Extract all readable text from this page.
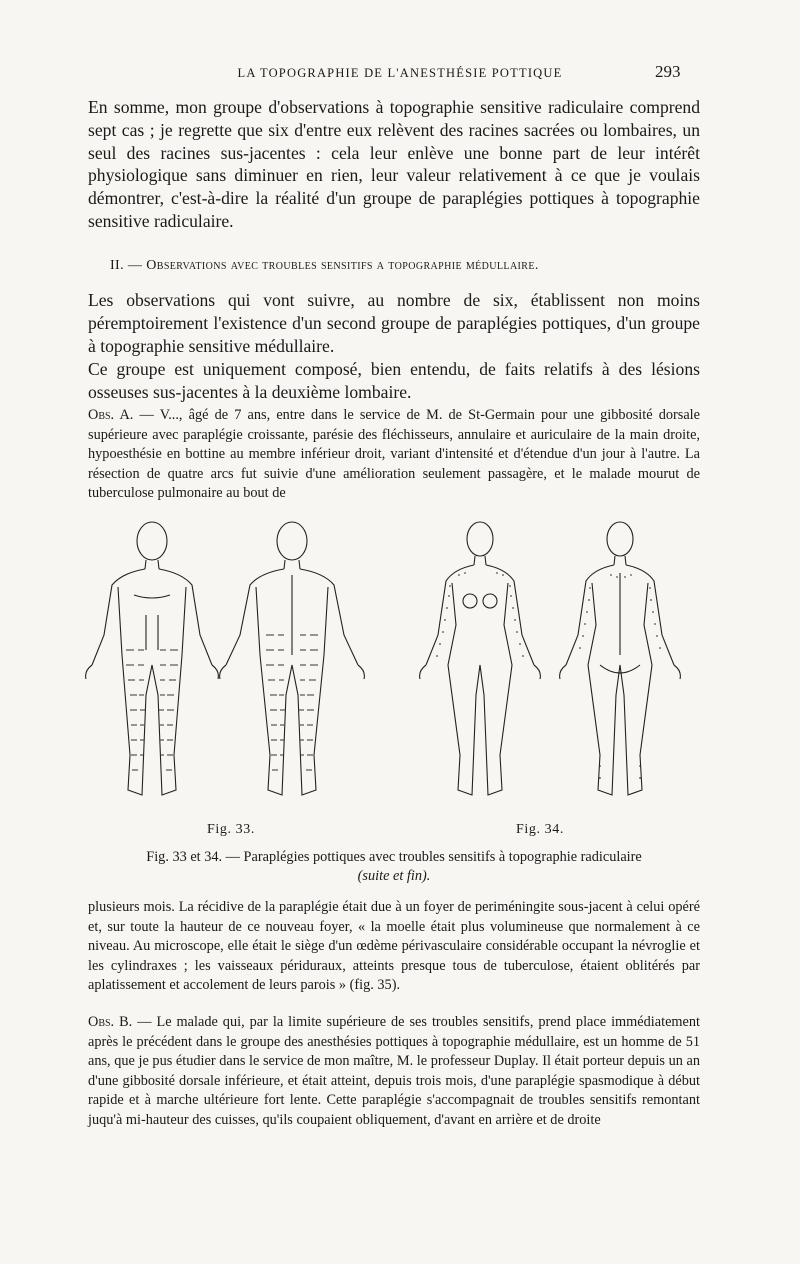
LA TOPOGRAPHIE DE L'ANESTHÉSIE POTTIQUE	293

En somme, mon groupe d'observations à topographie sensitive radiculaire comprend sept cas ; je regrette que six d'entre eux relèvent des racines sacrées ou lombaires, un seul des racines sus-jacentes : cela leur enlève une bonne part de leur intérêt physiologique sans diminuer en rien, leur valeur relativement à ce que je voulais démontrer, c'est-à-dire la réalité d'un groupe de paraplégies pottiques à topographie sensitive radiculaire.

II. — Observations avec troubles sensitifs a topographie médullaire.

Les observations qui vont suivre, au nombre de six, établissent non moins péremptoirement l'existence d'un second groupe de paraplégies pottiques, d'un groupe à topographie sensitive médullaire.

Ce groupe est uniquement composé, bien entendu, de faits relatifs à des lésions osseuses sus-jacentes à la deuxième lombaire.

Obs. A. — V..., âgé de 7 ans, entre dans le service de M. de St-Germain pour une gibbosité dorsale supérieure avec paraplégie croissante, parésie des fléchisseurs, annulaire et auriculaire de la main droite, hypoesthésie en bottine au membre inférieur droit, variant d'intensité et d'étendue d'un jour à l'autre. La résection de quatre arcs fut suivie d'une amélioration seulement passagère, et le malade mourut de tuberculose pulmonaire au bout de

Fig. 33.	Fig. 34.
Fig. 33 et 34. — Paraplégies pottiques avec troubles sensitifs à topographie radiculaire
(suite et fin).

plusieurs mois. La récidive de la paraplégie était due à un foyer de periméningite sous-jacent à celui opéré et, sur toute la hauteur de ce nouveau foyer, « la moelle était plus volumineuse que normalement à ce niveau. Au microscope, elle était le siège d'un œdème périvasculaire considérable occupant la névroglie et les cylindraxes ; les vaisseaux périduraux, atteints presque tous de tuberculose, étaient oblitérés par aplatissement et accolement de leurs parois » (fig. 35).

Obs. B. — Le malade qui, par la limite supérieure de ses troubles sensitifs, prend place immédiatement après le précédent dans le groupe des anesthésies pottiques à topographie médullaire, est un homme de 51 ans, que je pus étudier dans le service de mon maître, M. le professeur Duplay. Il était porteur depuis un an d'une gibbosité dorsale inférieure, et était atteint, depuis trois mois, d'une paraplégie spasmodique à début rapide et à marche ultérieure fort lente. Cette paraplégie s'accompagnait de troubles sensitifs remontant juqu'à mi-hauteur des cuisses, qu'ils coupaient obliquement, d'avant en arrière et de droite
